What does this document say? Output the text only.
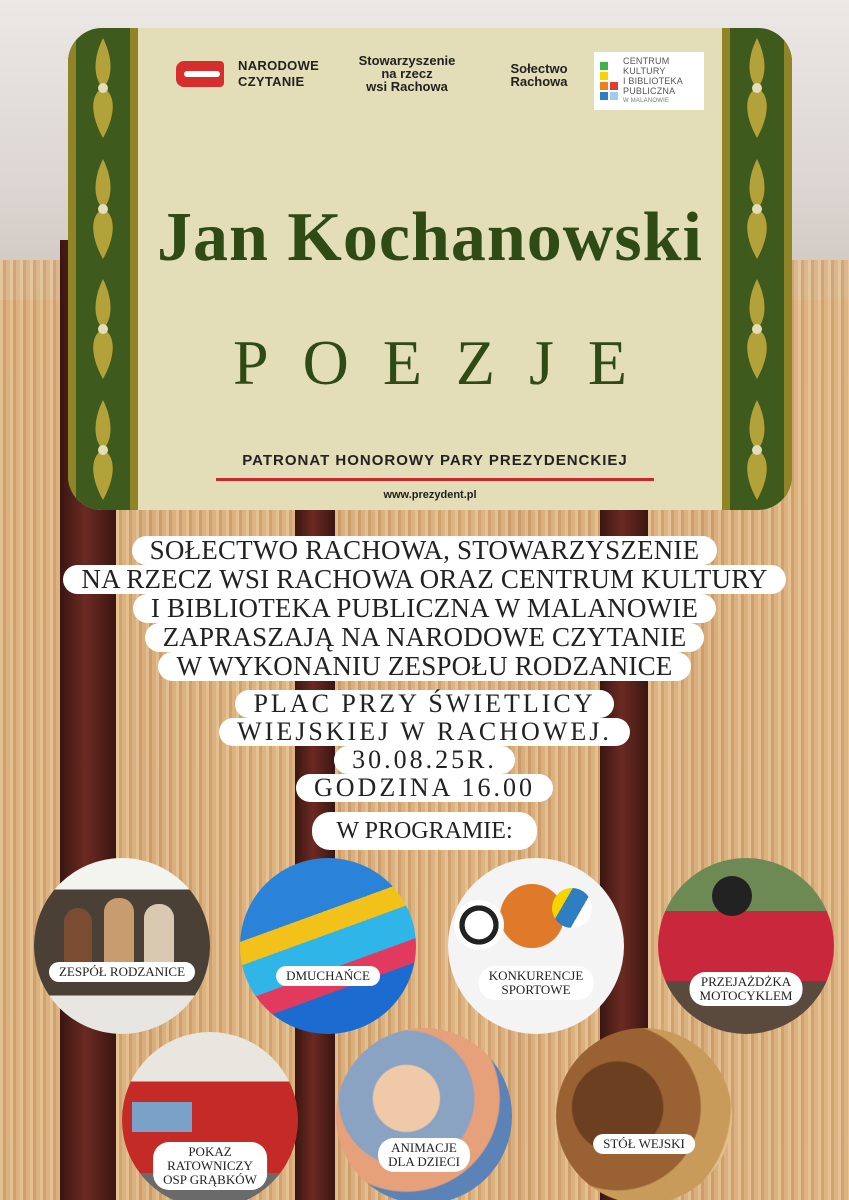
NARODOWE
CZYTANIE
Stowarzyszenie
na rzecz
wsi Rachowa
Sołectwo
Rachowa
CENTRUM
KULTURY
I BIBLIOTEKA
PUBLICZNA
W MALANOWIE
Jan Kochanowski
POEZJE
PATRONAT HONOROWY PARY PREZYDENCKIEJ
www.prezydent.pl
SOŁECTWO RACHOWA, STOWARZYSZENIE
NA RZECZ WSI RACHOWA ORAZ CENTRUM KULTURY
I BIBLIOTEKA PUBLICZNA W MALANOWIE
ZAPRASZAJĄ NA NARODOWE CZYTANIE
W WYKONANIU ZESPOŁU RODZANICE
PLAC PRZY ŚWIETLICY
WIEJSKIEJ W RACHOWEJ.
30.08.25R.
GODZINA 16.00
W PROGRAMIE:
ZESPÓŁ RODZANICE	DMUCHAŃCE	KONKURENCJE
SPORTOWE
PRZEJAŻDŻKA
MOTOCYKLEM
POKAZ
RATOWNICZY
OSP GRĄBKÓW
ANIMACJE
DLA DZIECI
STÓŁ WEJSKI
